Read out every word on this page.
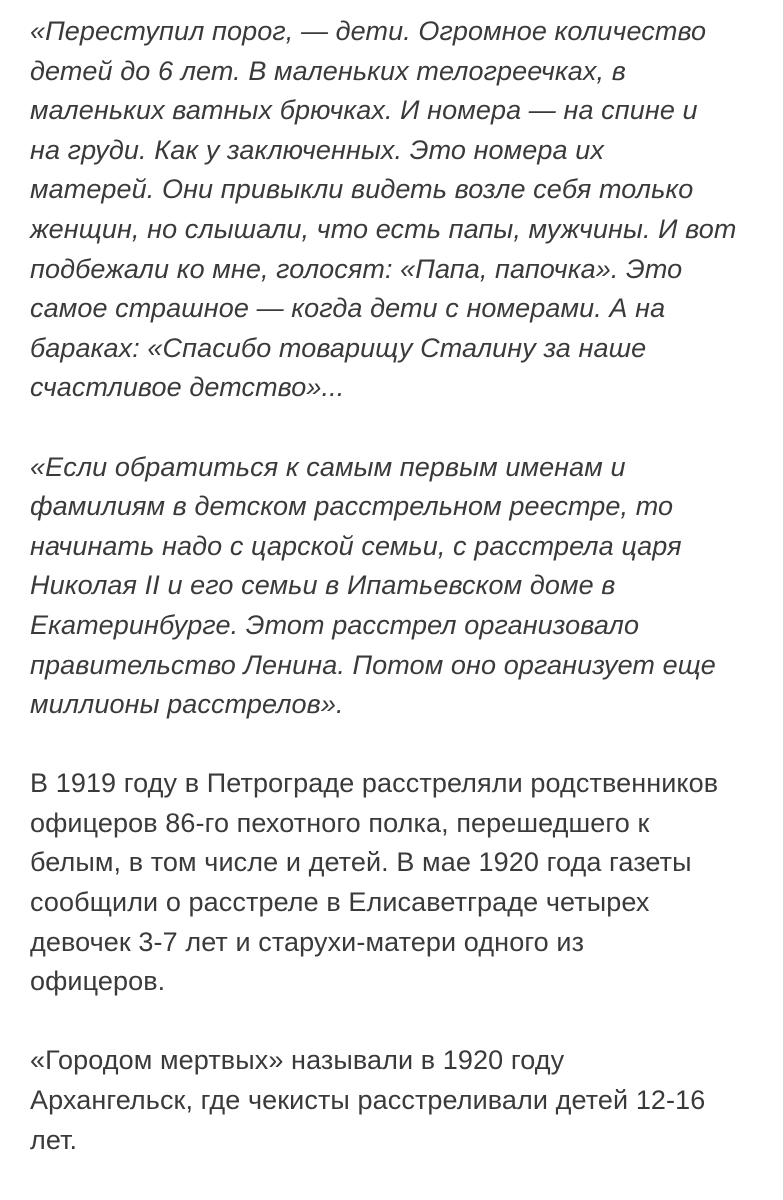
«Переступил порог, — дети. Огромное количество
детей до 6 лет. В маленьких телогреечках, в
маленьких ватных брючках. И номера — на спине и
на груди. Как у заключенных. Это номера их
матерей. Они привыкли видеть возле себя только
женщин, но слышали, что есть папы, мужчины. И вот
подбежали ко мне, голосят: «Папа, папочка». Это
самое страшное — когда дети с номерами. А на
бараках: «Спасибо товарищу Сталину за наше
счастливое детство»...

«Если обратиться к самым первым именам и
фамилиям в детском расстрельном реестре, то
начинать надо с царской семьи, с расстрела царя
Николая II и его семьи в Ипатьевском доме в
Екатеринбурге. Этот расстрел организовало
правительство Ленина. Потом оно организует еще
миллионы расстрелов».

В 1919 году в Петрограде расстреляли родственников
офицеров 86-го пехотного полка, перешедшего к
белым, в том числе и детей. В мае 1920 года газеты
сообщили о расстреле в Елисаветграде четырех
девочек 3-7 лет и старухи-матери одного из
офицеров.

«Городом мертвых» называли в 1920 году
Архангельск, где чекисты расстреливали детей 12-16
лет.
